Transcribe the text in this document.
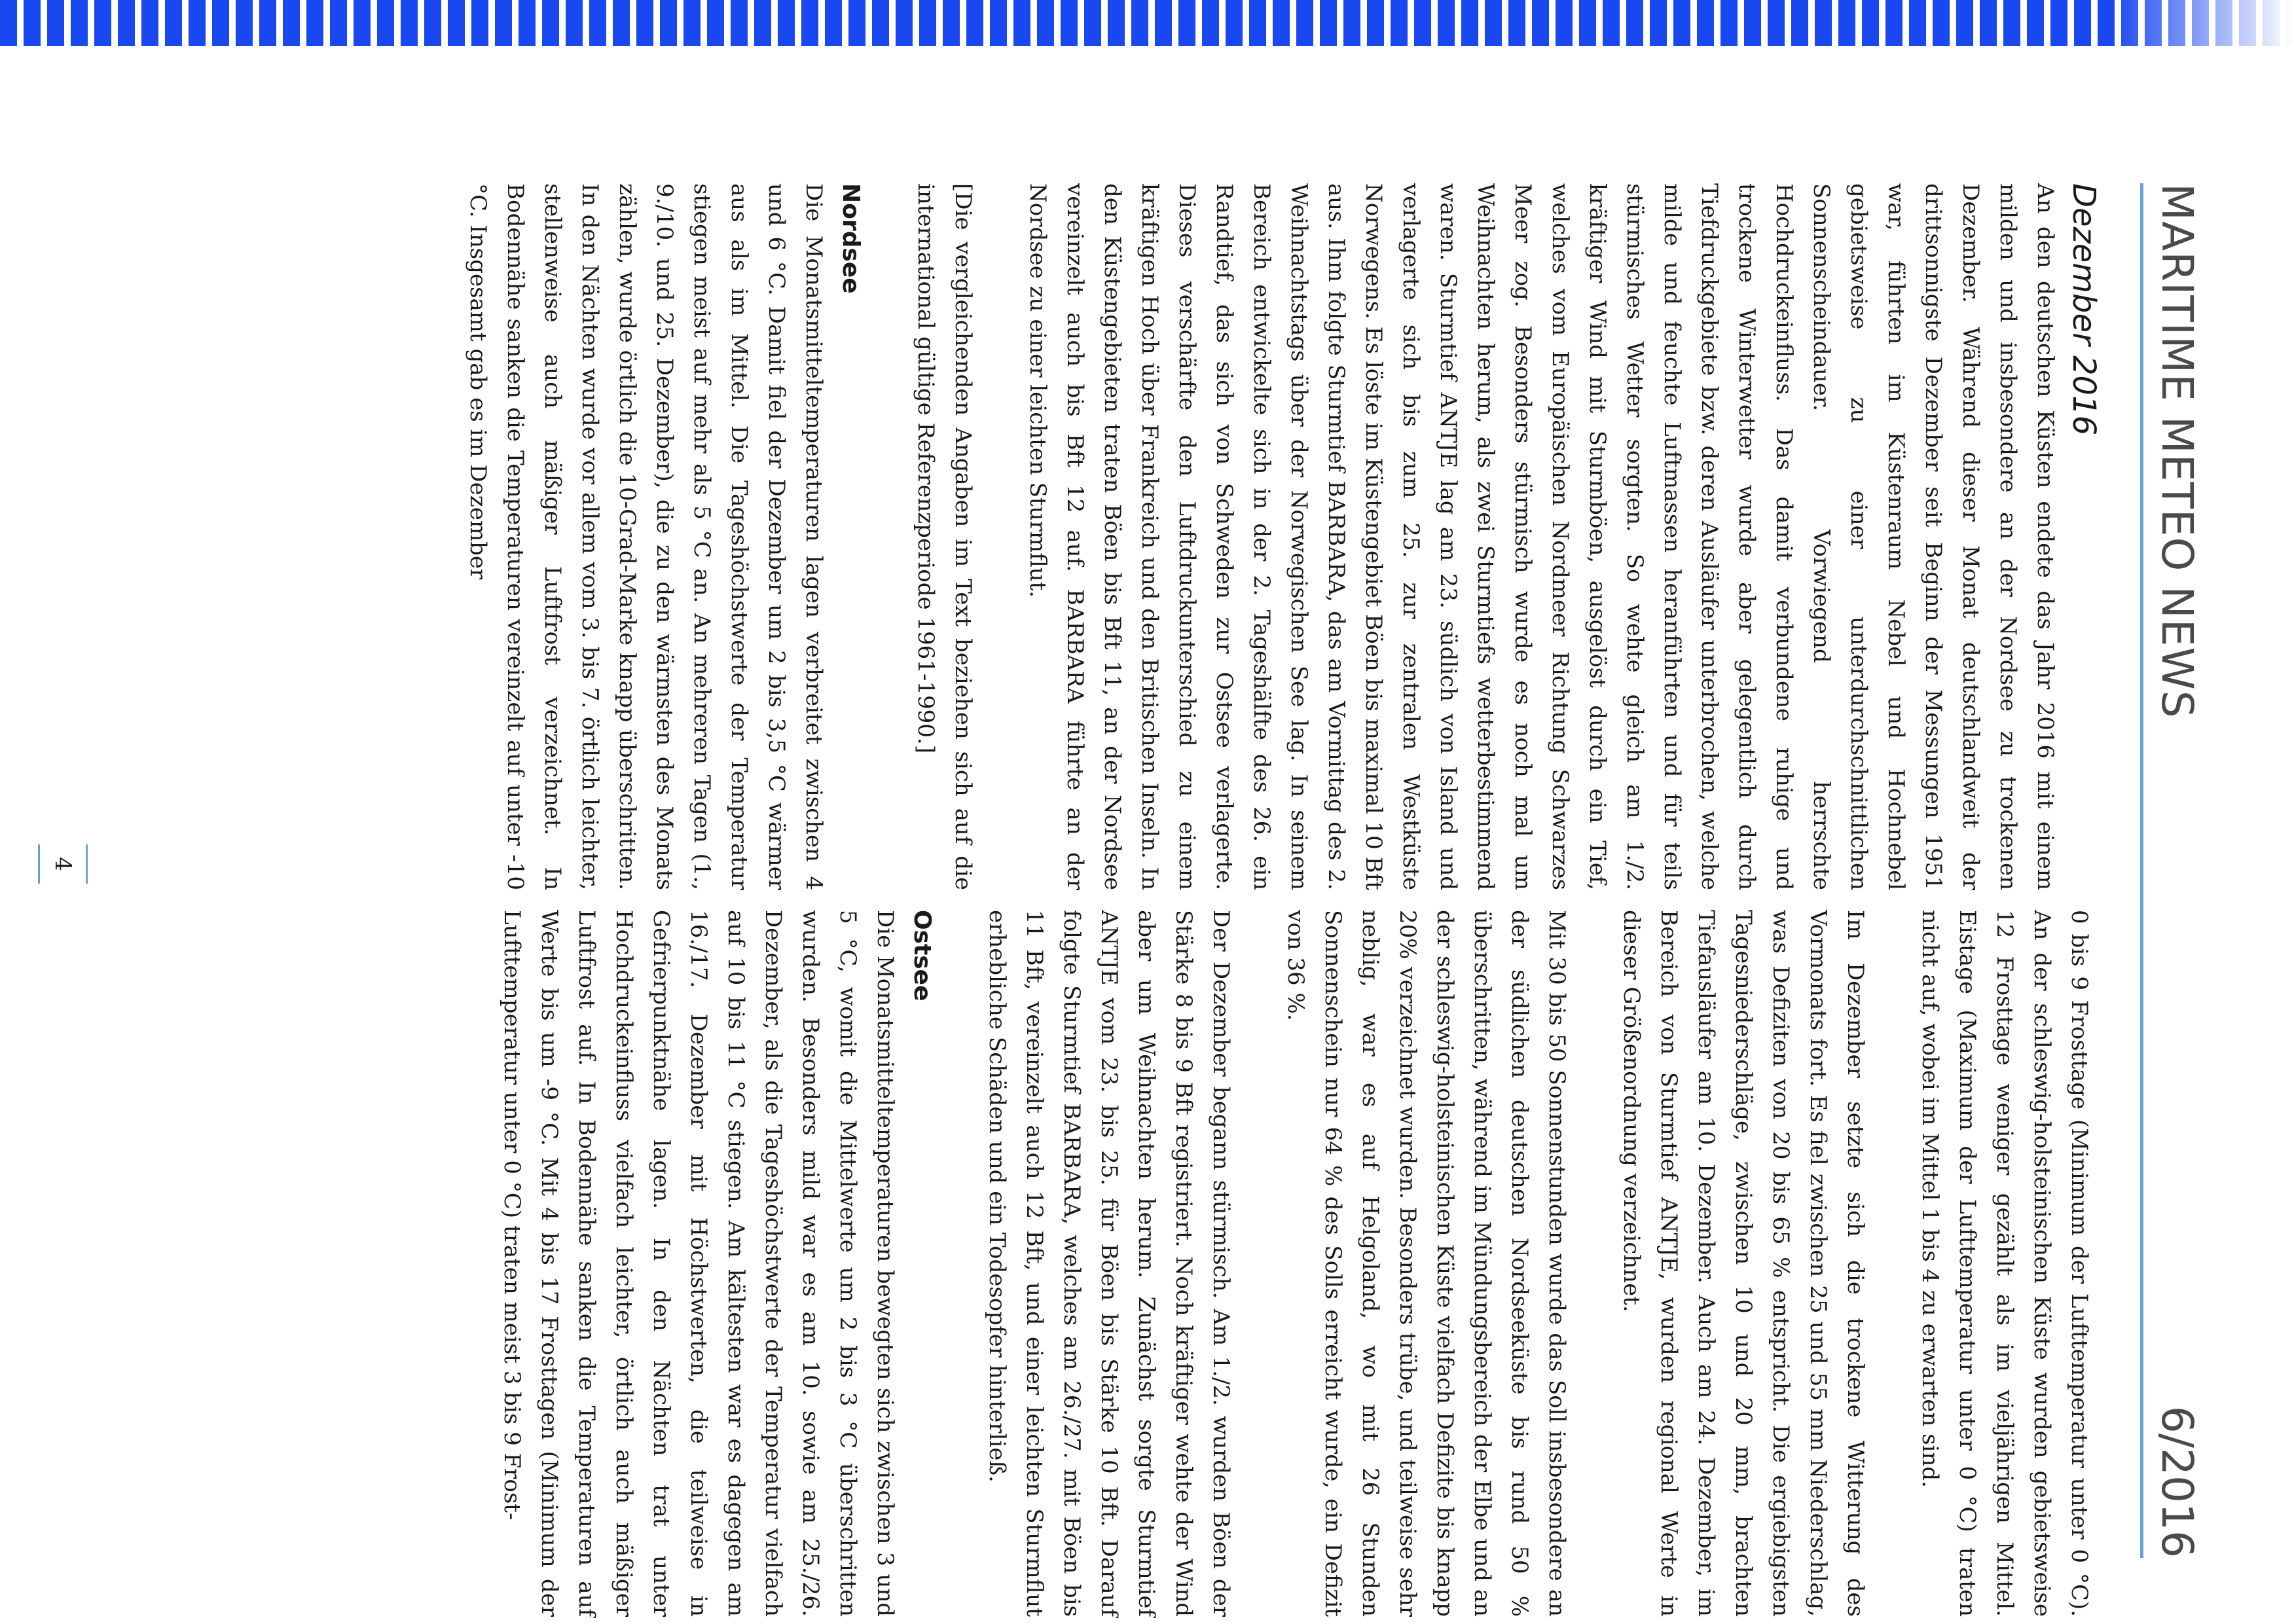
MARITIME METEO NEWS
6/2016
Dezember 2016

An den deutschen Küsten endete das Jahr 2016 mit einem milden und insbesondere an der Nordsee zu trockenen Dezember. Während dieser Monat deutschlandweit der drittsonnigste Dezember seit Beginn der Messungen 1951 war, führten im Küstenraum Nebel und Hochnebel gebietsweise zu einer unterdurchschnittlichen Sonnenscheindauer. Vorwiegend herrschte Hochdruckeinfluss. Das damit verbundene ruhige und trockene Winterwetter wurde aber gelegentlich durch Tiefdruckgebiete bzw. deren Ausläufer unterbrochen, welche milde und feuchte Luftmassen heranführten und für teils stürmisches Wetter sorgten. So wehte gleich am 1./2. kräftiger Wind mit Sturmböen, ausgelöst durch ein Tief, welches vom Europäischen Nordmeer Richtung Schwarzes Meer zog. Besonders stürmisch wurde es noch mal um Weihnachten herum, als zwei Sturmtiefs wetterbestimmend waren. Sturmtief ANTJE lag am 23. südlich von Island und verlagerte sich bis zum 25. zur zentralen Westküste Norwegens. Es löste im Küstengebiet Böen bis maximal 10 Bft aus. Ihm folgte Sturmtief BARBARA, das am Vormittag des 2. Weihnachtstags über der Norwegischen See lag. In seinem Bereich entwickelte sich in der 2. Tageshälfte des 26. ein Randtief, das sich von Schweden zur Ostsee verlagerte. Dieses verschärfte den Luftdruckunterschied zu einem kräftigen Hoch über Frankreich und den Britischen Inseln. In den Küstengebieten traten Böen bis Bft 11, an der Nordsee vereinzelt auch bis Bft 12 auf. BARBARA führte an der Nordsee zu einer leichten Sturmflut.

[Die vergleichenden Angaben im Text beziehen sich auf die international gültige Referenzperiode 1961-1990.]

Nordsee

Die Monatsmitteltemperaturen lagen verbreitet zwischen 4 und 6 °C. Damit fiel der Dezember um 2 bis 3,5 °C wärmer aus als im Mittel. Die Tageshöchstwerte der Temperatur stiegen meist auf mehr als 5 °C an. An mehreren Tagen (1., 9./10. und 25. Dezember), die zu den wärmsten des Monats zählen, wurde örtlich die 10-Grad-Marke knapp überschritten. In den Nächten wurde vor allem vom 3. bis 7. örtlich leichter, stellenweise auch mäßiger Luftfrost verzeichnet. In Bodennähe sanken die Temperaturen vereinzelt auf unter -10 °C. Insgesamt gab es im Dezember

0 bis 9 Frosttage (Minimum der Lufttemperatur unter 0 °C). An der schleswig-holsteinischen Küste wurden gebietsweise 12 Frosttage weniger gezählt als im vieljährigen Mittel. Eistage (Maximum der Lufttemperatur unter 0 °C) traten nicht auf, wobei im Mittel 1 bis 4 zu erwarten sind.

Im Dezember setzte sich die trockene Witterung des Vormonats fort. Es fiel zwischen 25 und 55 mm Niederschlag, was Defiziten von 20 bis 65 % entspricht. Die ergiebigsten Tagesniederschläge, zwischen 10 und 20 mm, brachten Tiefausläufer am 10. Dezember. Auch am 24. Dezember, im Bereich von Sturmtief ANTJE, wurden regional Werte in dieser Größenordnung verzeichnet.

Mit 30 bis 50 Sonnenstunden wurde das Soll insbesondere an der südlichen deutschen Nordseeküste bis rund 50 % überschritten, während im Mündungsbereich der Elbe und an der schleswig-holsteinischen Küste vielfach Defizite bis knapp 20% verzeichnet wurden. Besonders trübe, und teilweise sehr neblig, war es auf Helgoland, wo mit 26 Stunden Sonnenschein nur 64 % des Solls erreicht wurde, ein Defizit von 36 %.

Der Dezember begann stürmisch. Am 1./2. wurden Böen der Stärke 8 bis 9 Bft registriert. Noch kräftiger wehte der Wind aber um Weihnachten herum. Zunächst sorgte Sturmtief ANTJE vom 23. bis 25. für Böen bis Stärke 10 Bft. Darauf folgte Sturmtief BARBARA, welches am 26./27. mit Böen bis 11 Bft, vereinzelt auch 12 Bft, und einer leichten Sturmflut erhebliche Schäden und ein Todesopfer hinterließ.

Ostsee

Die Monatsmitteltemperaturen bewegten sich zwischen 3 und 5 °C, womit die Mittelwerte um 2 bis 3 °C überschritten wurden. Besonders mild war es am 10. sowie am 25./26. Dezember, als die Tageshöchstwerte der Temperatur vielfach auf 10 bis 11 °C stiegen. Am kältesten war es dagegen am 16./17. Dezember mit Höchstwerten, die teilweise in Gefrierpunktnähe lagen. In den Nächten trat unter Hochdruckeinfluss vielfach leichter, örtlich auch mäßiger Luftfrost auf. In Bodennähe sanken die Temperaturen auf Werte bis um -9 °C. Mit 4 bis 17 Frosttagen (Minimum der Lufttemperatur unter 0 °C) traten meist 3 bis 9 Frost-

4
